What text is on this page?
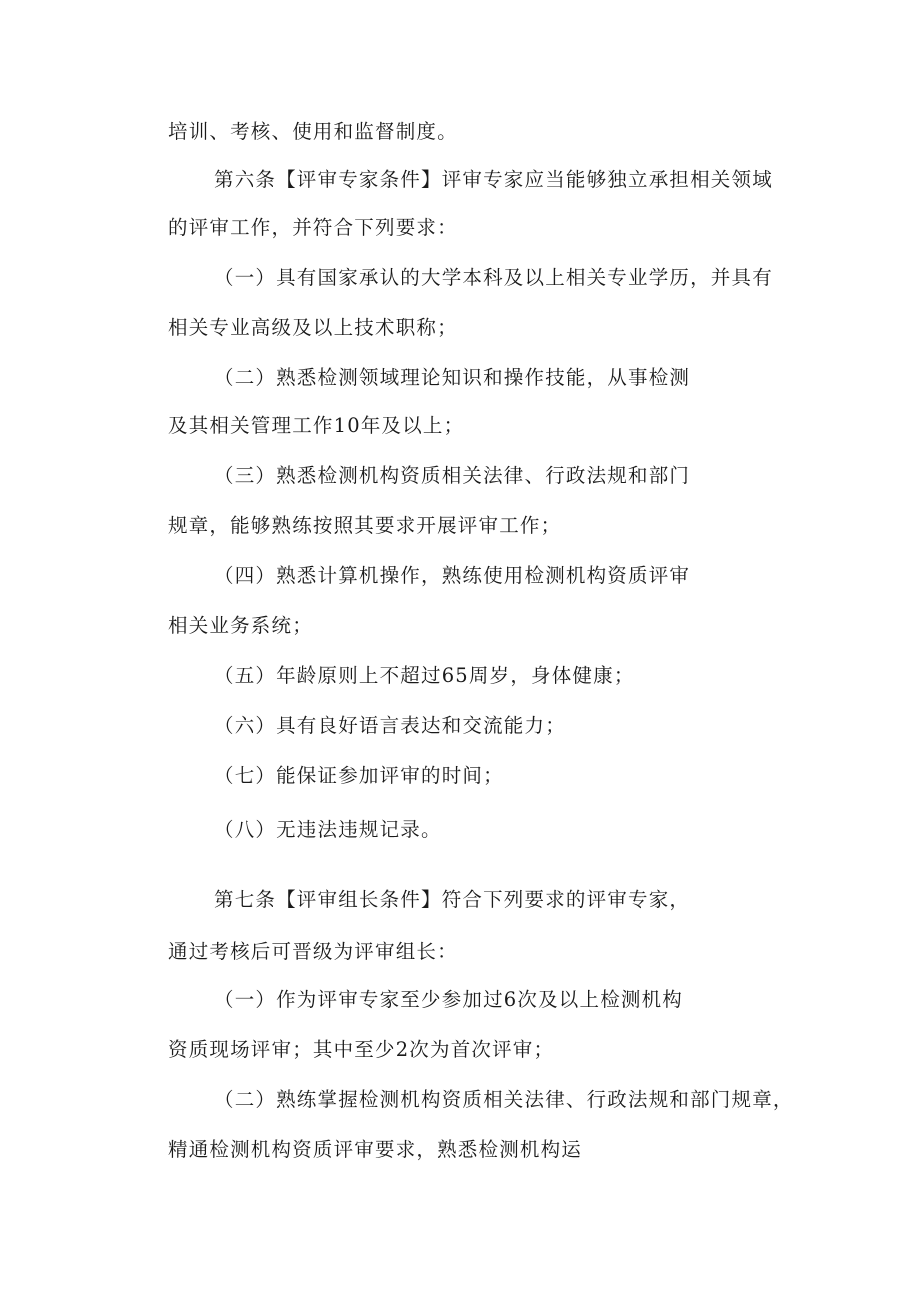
培训、考核、使用和监督制度。
第六条【评审专家条件】评审专家应当能够独立承担相关领域
的评审工作，并符合下列要求：
（一）具有国家承认的大学本科及以上相关专业学历，并具有
相关专业高级及以上技术职称；
（二）熟悉检测领域理论知识和操作技能，从事检测
及其相关管理工作10年及以上；
（三）熟悉检测机构资质相关法律、行政法规和部门
规章，能够熟练按照其要求开展评审工作；
（四）熟悉计算机操作，熟练使用检测机构资质评审
相关业务系统；
（五）年龄原则上不超过65周岁，身体健康；
（六）具有良好语言表达和交流能力；
（七）能保证参加评审的时间；
（八）无违法违规记录。
第七条【评审组长条件】符合下列要求的评审专家，
通过考核后可晋级为评审组长：
（一）作为评审专家至少参加过6次及以上检测机构
资质现场评审；其中至少2次为首次评审；
（二）熟练掌握检测机构资质相关法律、行政法规和部门规章，
精通检测机构资质评审要求，熟悉检测机构运
